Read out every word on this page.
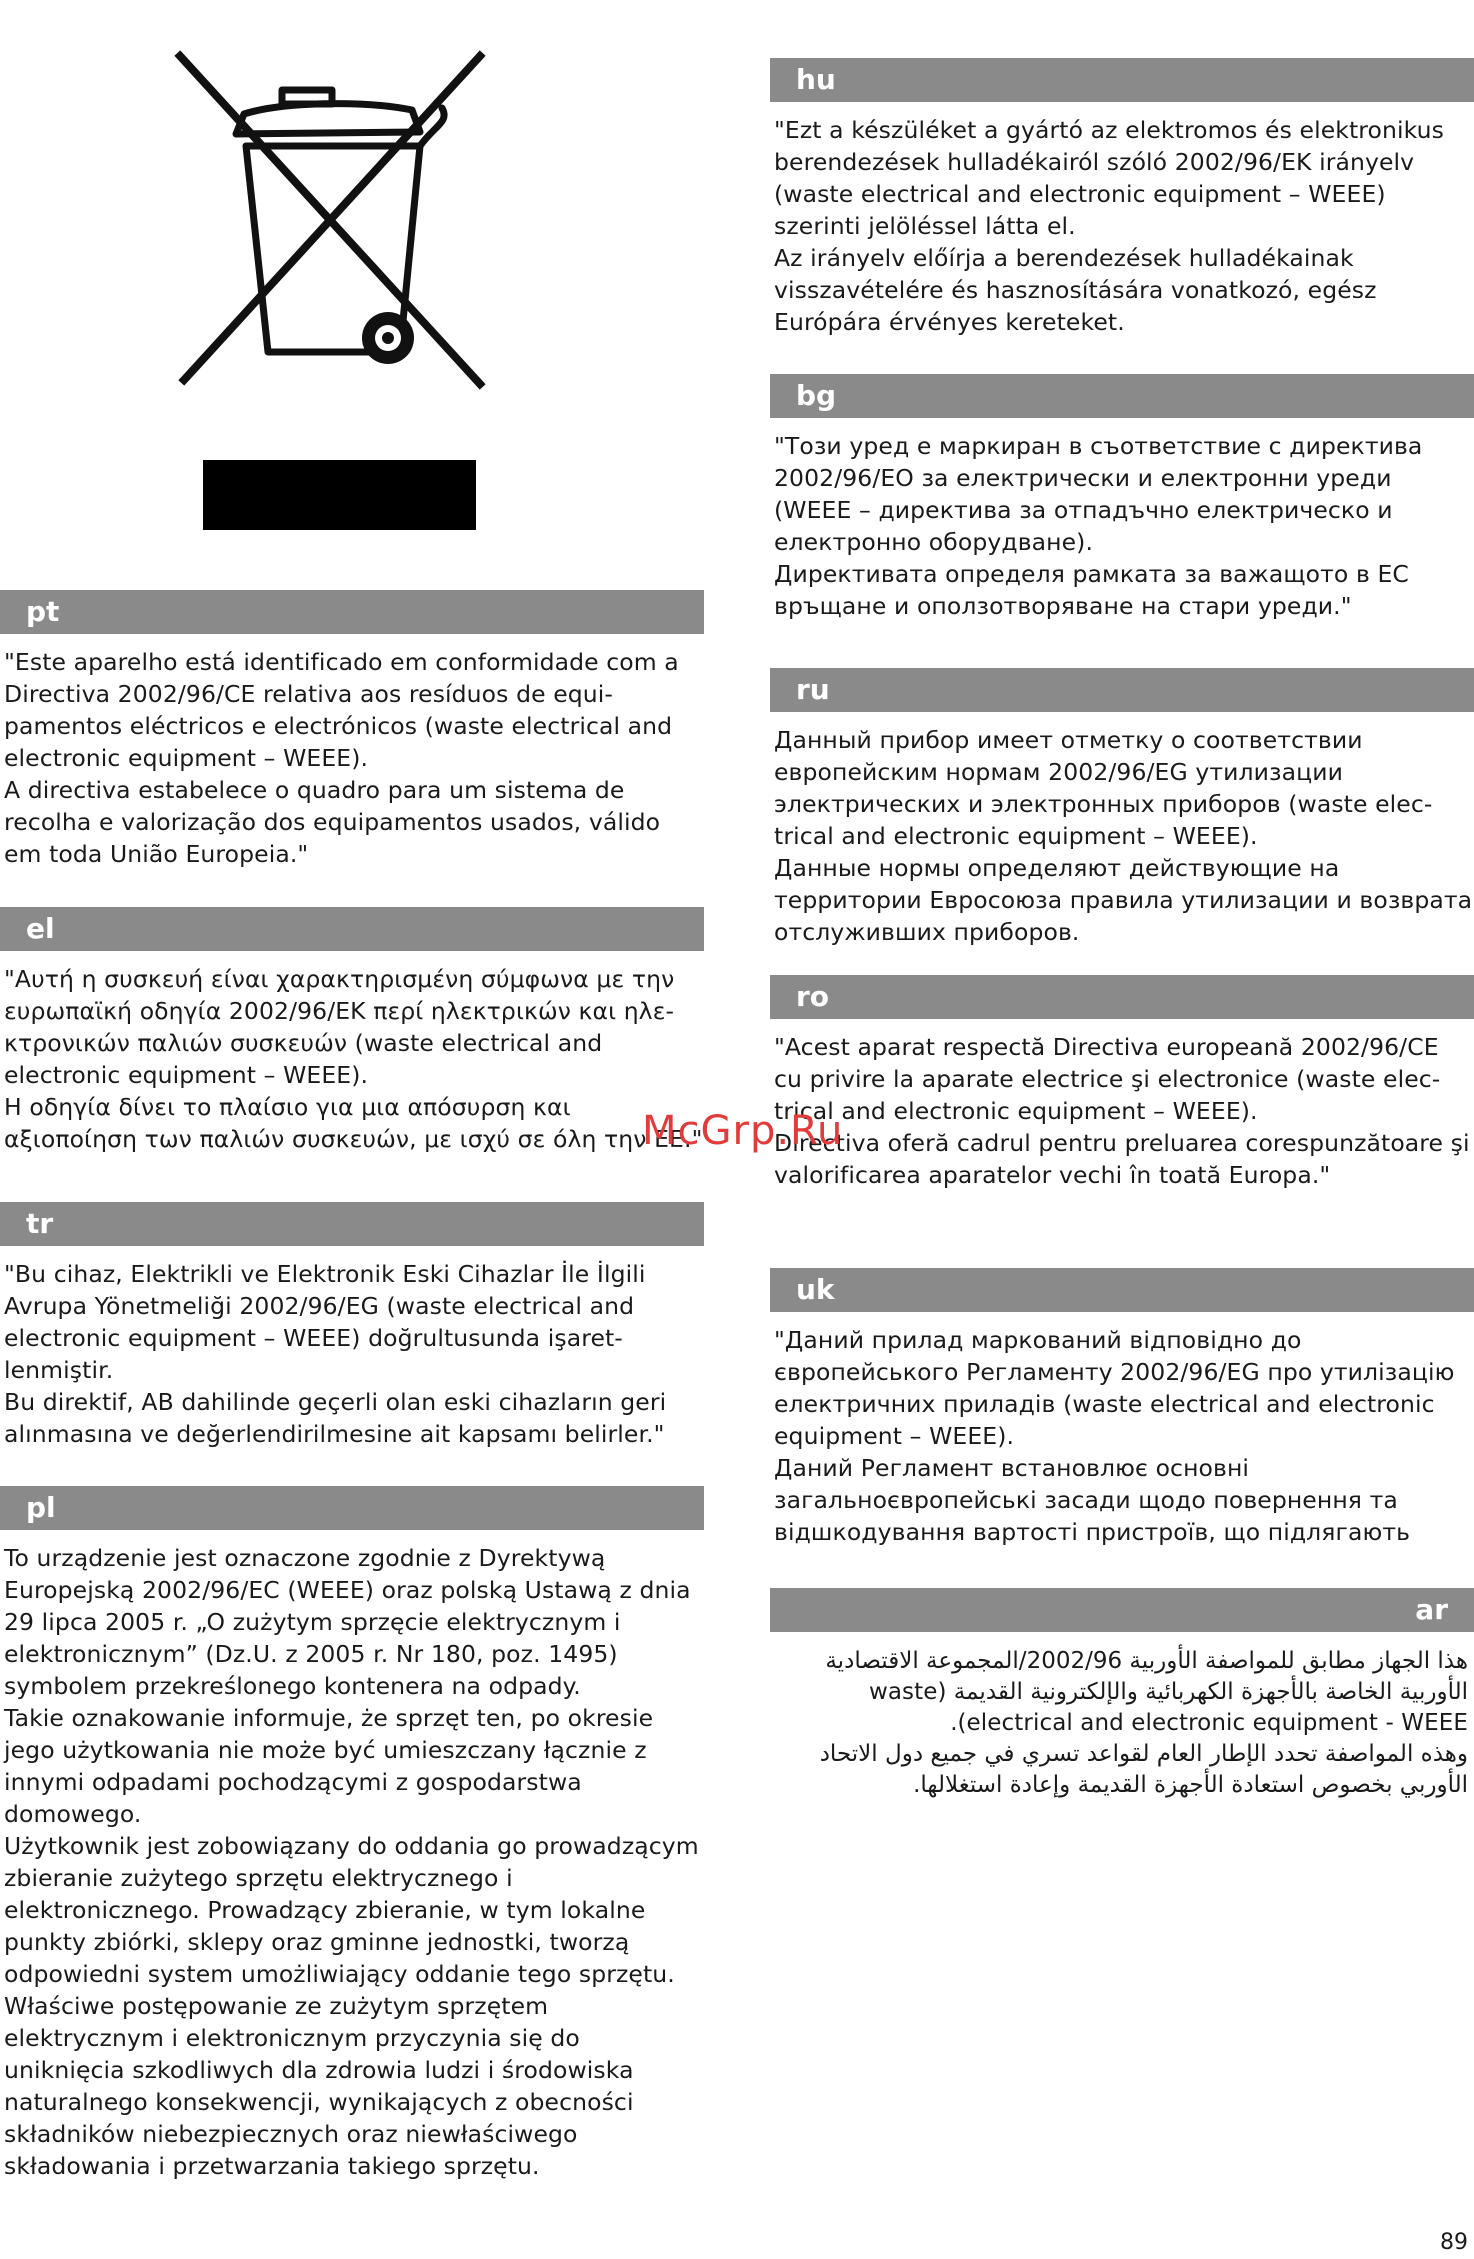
pt

"Este aparelho está identificado em conformidade com a Directiva 2002/96/CE relativa aos resíduos de equi-pamentos eléctricos e electrónicos (waste electrical and electronic equipment – WEEE).

A directiva estabelece o quadro para um sistema de recolha e valorização dos equipamentos usados, válido em toda União Europeia."

el

"Αυτή η συσκευή είναι χαρακτηρισμένη σύμφωνα με την ευρωπαϊκή οδηγία 2002/96/ΕΚ περί ηλεκτρικών και ηλε-κτρονικών παλιών συσκευών (waste electrical and electronic equipment – WEEE).

Η οδηγία δίνει το πλαίσιο για μια απόσυρση και αξιοποίηση των παλιών συσκευών, με ισχύ σε όλη την ΕΕ."

tr

"Bu cihaz, Elektrikli ve Elektronik Eski Cihazlar İle İlgili Avrupa Yönetmeliği 2002/96/EG (waste electrical and electronic equipment – WEEE) doğrultusunda işaret-lenmiştir.

Bu direktif, AB dahilinde geçerli olan eski cihazların geri alınmasına ve değerlendirilmesine ait kapsamı belirler."

pl

To urządzenie jest oznaczone zgodnie z Dyrektywą Europejską 2002/96/EC (WEEE) oraz polską Ustawą z dnia 29 lipca 2005 r. „O zużytym sprzęcie elektrycznym i elektronicznym” (Dz.U. z 2005 r. Nr 180, poz. 1495) symbolem przekreślonego kontenera na odpady.

Takie oznakowanie informuje, że sprzęt ten, po okresie jego użytkowania nie może być umieszczany łącznie z innymi odpadami pochodzącymi z gospodarstwa domowego.

Użytkownik jest zobowiązany do oddania go prowadzącym zbieranie zużytego sprzętu elektrycznego i elektronicznego. Prowadzący zbieranie, w tym lokalne punkty zbiórki, sklepy oraz gminne jednostki, tworzą odpowiedni system umożliwiający oddanie tego sprzętu.

Właściwe postępowanie ze zużytym sprzętem elektrycznym i elektronicznym przyczynia się do uniknięcia szkodliwych dla zdrowia ludzi i środowiska naturalnego konsekwencji, wynikających z obecności składników niebezpiecznych oraz niewłaściwego składowania i przetwarzania takiego sprzętu.

hu

"Ezt a készüléket a gyártó az elektromos és elektronikus berendezések hulladékairól szóló 2002/96/EK irányelv (waste electrical and electronic equipment – WEEE) szerinti jelöléssel látta el.

Az irányelv előírja a berendezések hulladékainak visszavételére és hasznosítására vonatkozó, egész Európára érvényes kereteket.

bg

"Този уред е маркиран в съответствие с директива 2002/96/ЕО за електрически и електронни уреди (WEEE – директива за отпадъчно електрическо и електронно оборудване).

Директивата определя рамката за важащото в ЕС връщане и оползотворяване на стари уреди."

ru

Данный прибор имеет отметку о соответствии европейским нормам 2002/96/EG утилизации электрических и электронных приборов (waste elec-trical and electronic equipment – WEEE).

Данные нормы определяют действующие на территории Евросоюза правила утилизации и возврата отслуживших приборов.

ro

"Acest aparat respectă Directiva europeană 2002/96/CE cu privire la aparate electrice şi electronice (waste elec-trical and electronic equipment – WEEE).

Directiva oferă cadrul pentru preluarea corespunzătoare şi valorificarea aparatelor vechi în toată Europa."

uk

"Даний прилад маркований відповідно до європейського Регламенту 2002/96/EG про утилізацію електричних приладів (waste electrical and electronic equipment – WEEE).

Даний Регламент встановлює основні загальноєвропейські засади щодо повернення та відшкодування вартості пристроїв, що підлягають

ar

هذا الجهاز مطابق للمواصفة الأوربية 2002/96/المجموعة الاقتصادية الأوربية الخاصة بالأجهزة الكهربائية والإلكترونية القديمة (waste electrical and electronic equipment - WEEE).

وهذه المواصفة تحدد الإطار العام لقواعد تسري في جميع دول الاتحاد الأوربي بخصوص استعادة الأجهزة القديمة وإعادة استغلالها.

McGrp.Ru
89
